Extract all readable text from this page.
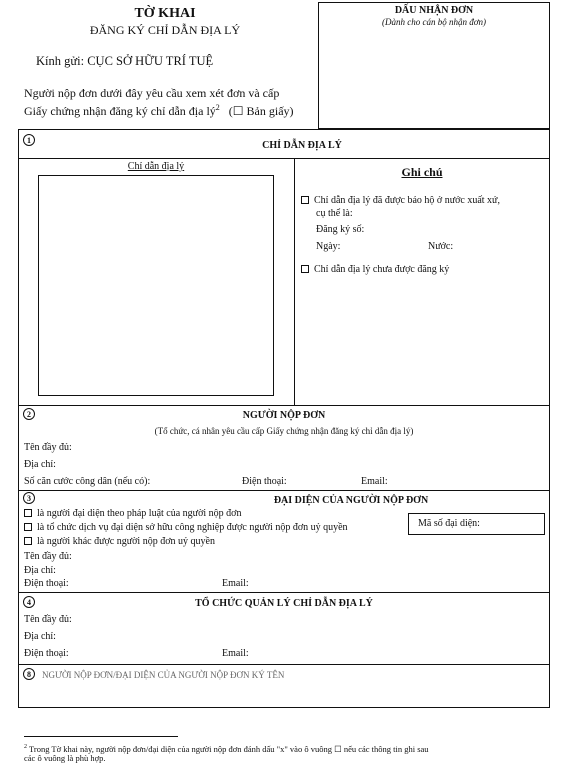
TỜ KHAI
ĐĂNG KÝ CHỈ DẪN ĐỊA LÝ
Kính gửi: CỤC SỞ HỮU TRÍ TUỆ
Người nộp đơn dưới đây yêu cầu xem xét đơn và cấp
Giấy chứng nhận đăng ký chỉ dẫn địa $lý^2$ (☐ Bản giấy)
DẤU NHẬN ĐƠN
(Dành cho cán bộ nhận đơn)
1	CHỈ DẪN ĐỊA LÝ
Chỉ dẫn địa lý	Ghi chú
Chỉ dẫn địa lý đã được bảo hộ ở nước xuất xứ,
cụ thể là:
Đăng ký số:
Ngày:	Nước:
Chỉ dẫn địa lý chưa được đăng ký
2	NGƯỜI NỘP ĐƠN
(Tổ chức, cá nhân yêu cầu cấp Giấy chứng nhận đăng ký chỉ dẫn địa lý)
Tên đầy đủ:
Địa chỉ:
Số căn cước công dân (nếu có):	Điện thoại:	Email:
3	ĐẠI DIỆN CỦA NGƯỜI NỘP ĐƠN
là người đại diện theo pháp luật của người nộp đơn
là tổ chức dịch vụ đại diện sở hữu công nghiệp được người nộp đơn uỷ quyền
là người khác được người nộp đơn uỷ quyền
Mã số đại diện:
Tên đầy đủ:
Địa chỉ:
Điện thoại:	Email:
4	TỔ CHỨC QUẢN LÝ CHỈ DẪN ĐỊA LÝ
Tên đầy đủ:
Địa chỉ:
Điện thoại:	Email:
8	NGƯỜI NỘP ĐƠN/ĐẠI DIỆN CỦA NGƯỜI NỘP ĐƠN KÝ TÊN
$^2$ Trong Tờ khai này, người nộp đơn/đại diện của người nộp đơn đánh dấu "x" vào ô vuông ☐ nếu các thông tin ghi sau
các ô vuông là phù hợp.
